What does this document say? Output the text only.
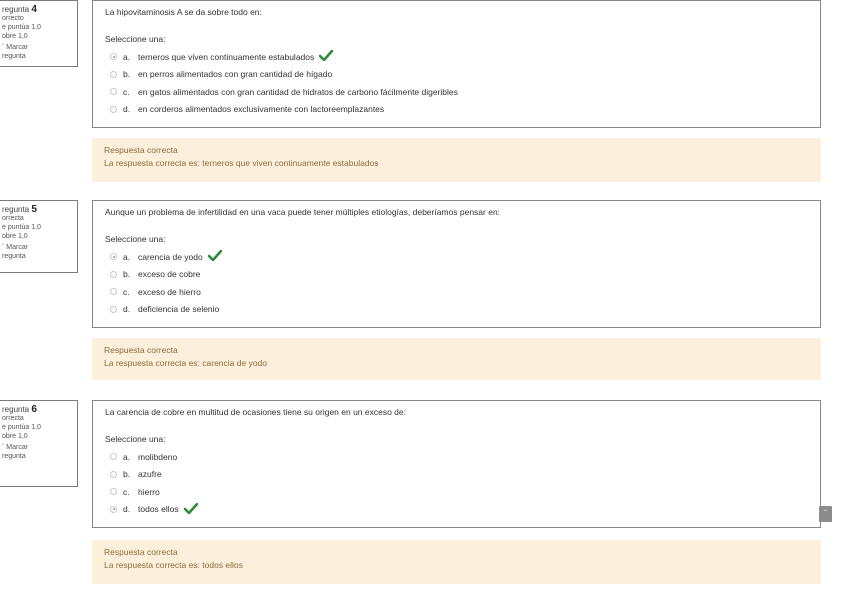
regunta 4
orrecto
e puntúa 1,0
obre 1,0
ˇ Marcar
regunta
La hipovitaminosis A se da sobre todo en:
Seleccione una:
a. terneros que viven continuamente estabulados
b. en perros alimentados con gran cantidad de hígado
c. en gatos alimentados con gran cantidad de hidratos de carbono fácilmente digeribles
d. en corderos alimentados exclusivamente con lactoreemplazantes
Respuesta correcta
La respuesta correcta es: terneros que viven continuamente estabulados
regunta 5
orrecta
e puntúa 1,0
obre 1,0
ˇ Marcar
regunta
Aunque un problema de infertilidad en una vaca puede tener múltiples etiologías, deberíamos pensar en:
Seleccione una:
a. carencia de yodo
b. exceso de cobre
c. exceso de hierro
d. deficiencia de selenio
Respuesta correcta
La respuesta correcta es: carencia de yodo
regunta 6
orrecta
e puntúa 1,0
obre 1,0
ˇ Marcar
regunta
La carencia de cobre en multitud de ocasiones tiene su origen en un exceso de:
Seleccione una:
a. molibdeno
b. azufre
c. hierro
d. todos ellos
Respuesta correcta
La respuesta correcta es: todos ellos
ˆ
